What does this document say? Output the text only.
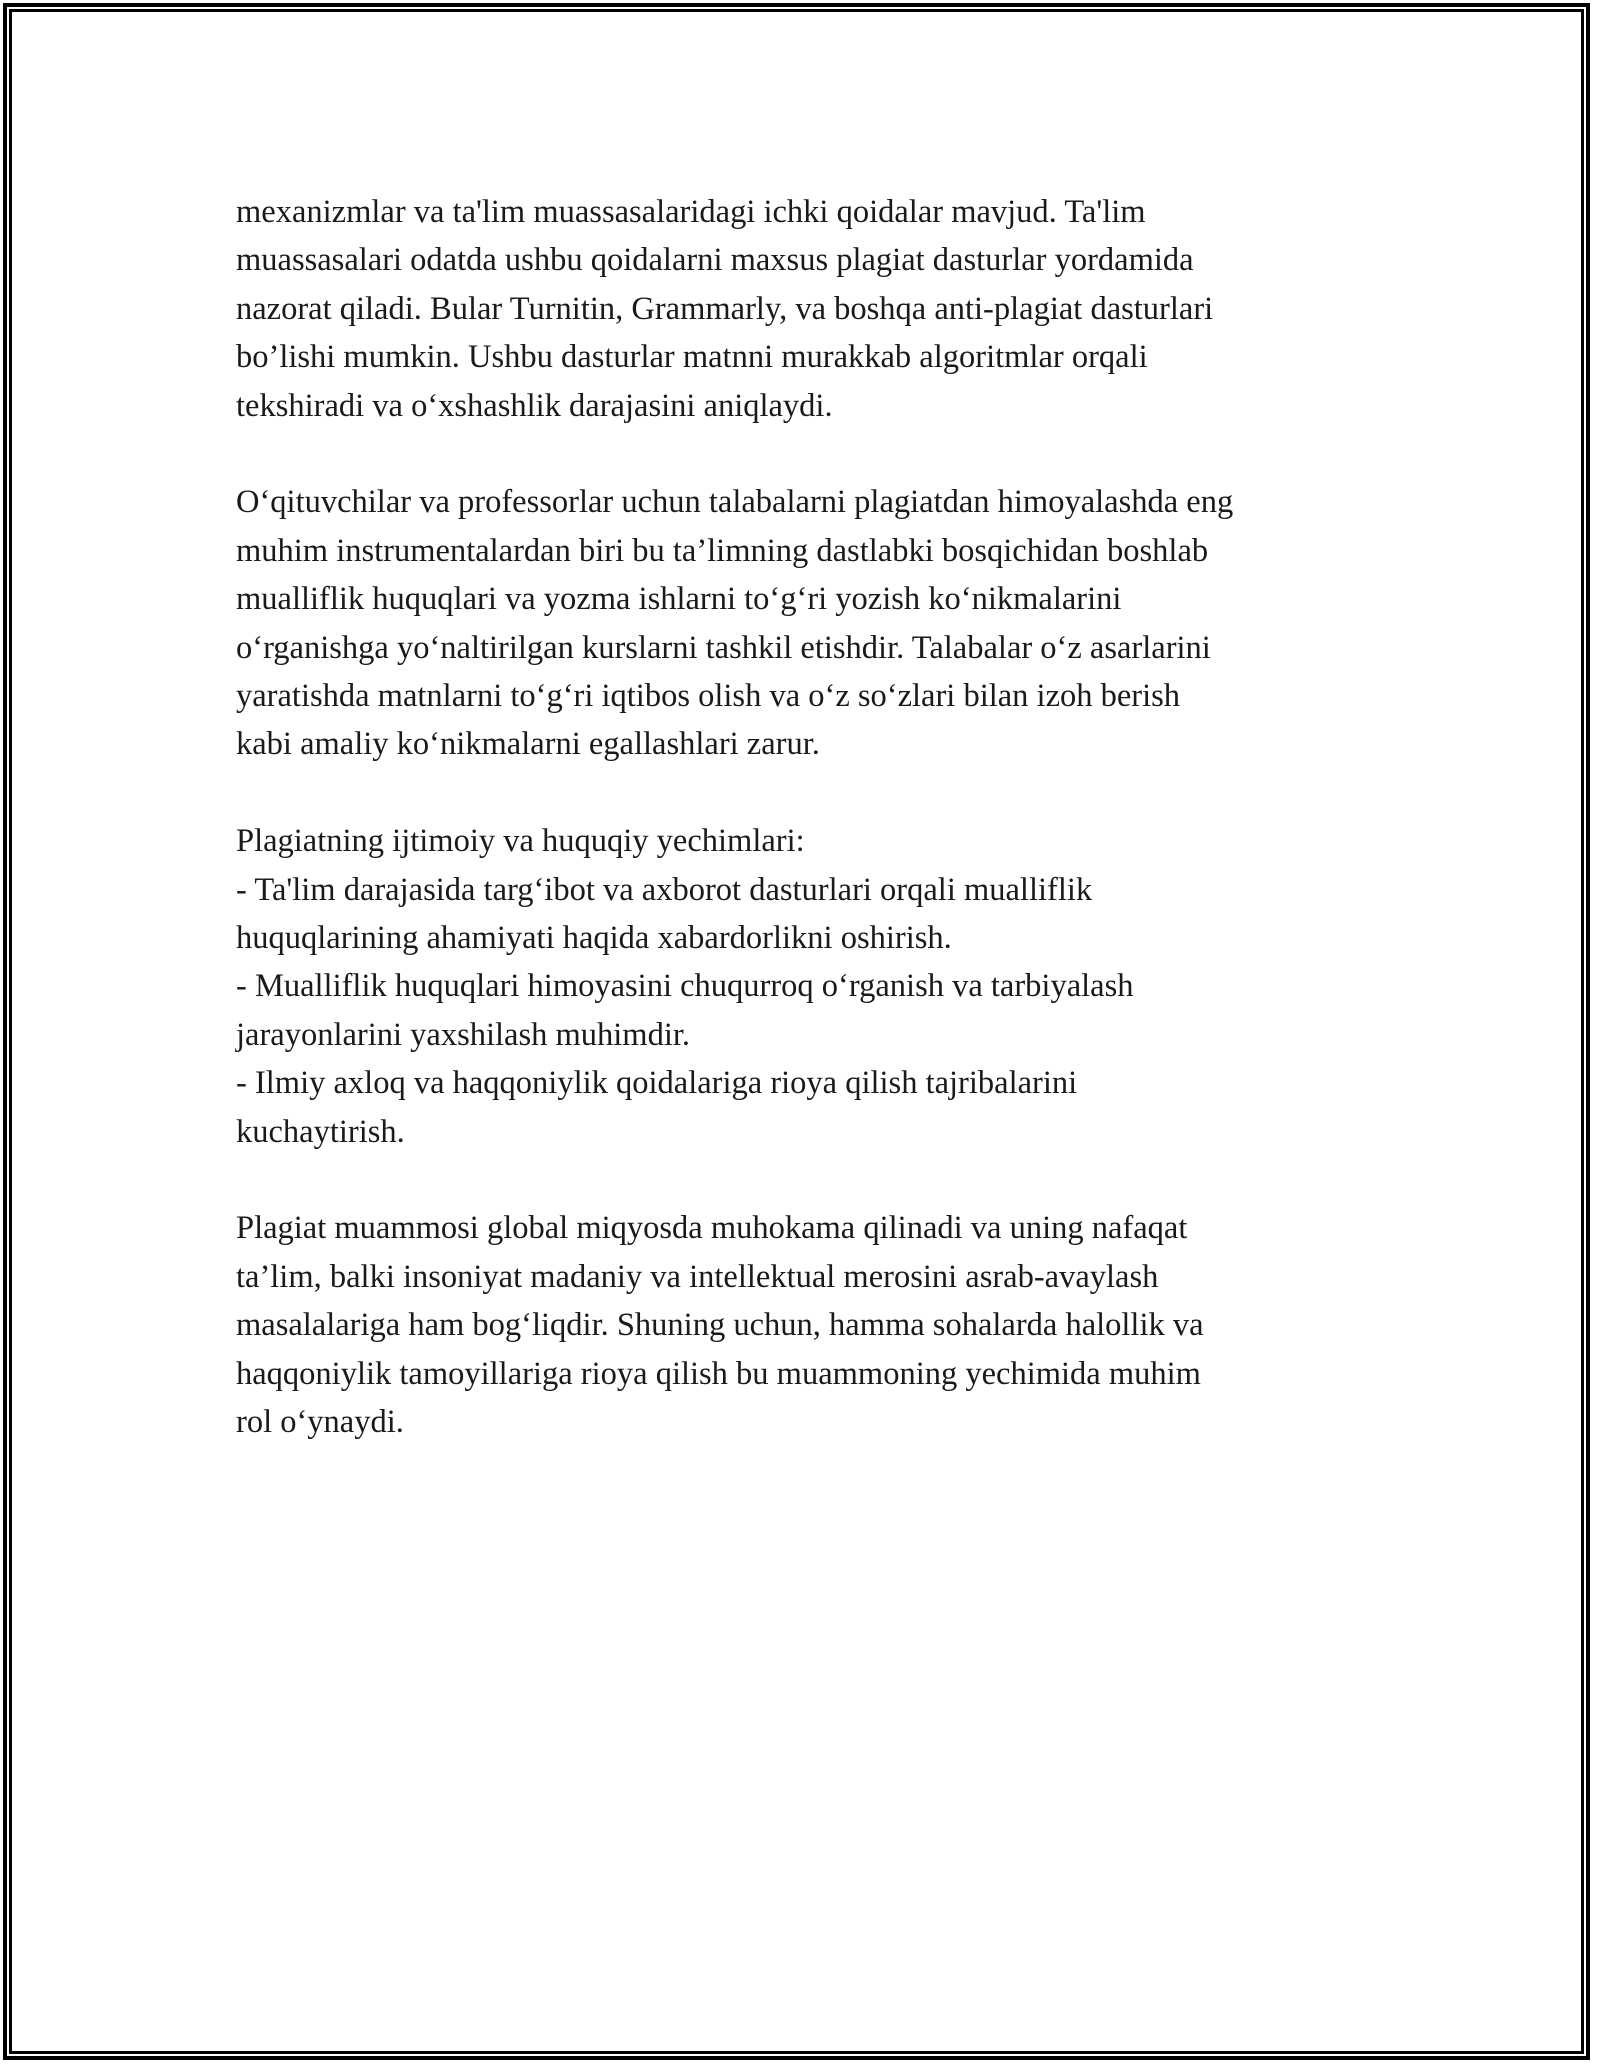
mexanizmlar va ta'lim muassasalaridagi ichki qoidalar mavjud. Ta'lim
muassasalari odatda ushbu qoidalarni maxsus plagiat dasturlar yordamida
nazorat qiladi. Bular Turnitin, Grammarly, va boshqa anti-plagiat dasturlari
bo’lishi mumkin. Ushbu dasturlar matnni murakkab algoritmlar orqali
tekshiradi va o‘xshashlik darajasini aniqlaydi.

O‘qituvchilar va professorlar uchun talabalarni plagiatdan himoyalashda eng
muhim instrumentalardan biri bu ta’limning dastlabki bosqichidan boshlab
mualliflik huquqlari va yozma ishlarni to‘g‘ri yozish ko‘nikmalarini
o‘rganishga yo‘naltirilgan kurslarni tashkil etishdir. Talabalar o‘z asarlarini
yaratishda matnlarni to‘g‘ri iqtibos olish va o‘z so‘zlari bilan izoh berish
kabi amaliy ko‘nikmalarni egallashlari zarur.

Plagiatning ijtimoiy va huquqiy yechimlari:
- Ta'lim darajasida targ‘ibot va axborot dasturlari orqali mualliflik
huquqlarining ahamiyati haqida xabardorlikni oshirish.
- Mualliflik huquqlari himoyasini chuqurroq o‘rganish va tarbiyalash
jarayonlarini yaxshilash muhimdir.
- Ilmiy axloq va haqqoniylik qoidalariga rioya qilish tajribalarini
kuchaytirish.

Plagiat muammosi global miqyosda muhokama qilinadi va uning nafaqat
ta’lim, balki insoniyat madaniy va intellektual merosini asrab-avaylash
masalalariga ham bog‘liqdir. Shuning uchun, hamma sohalarda halollik va
haqqoniylik tamoyillariga rioya qilish bu muammoning yechimida muhim
rol o‘ynaydi.
